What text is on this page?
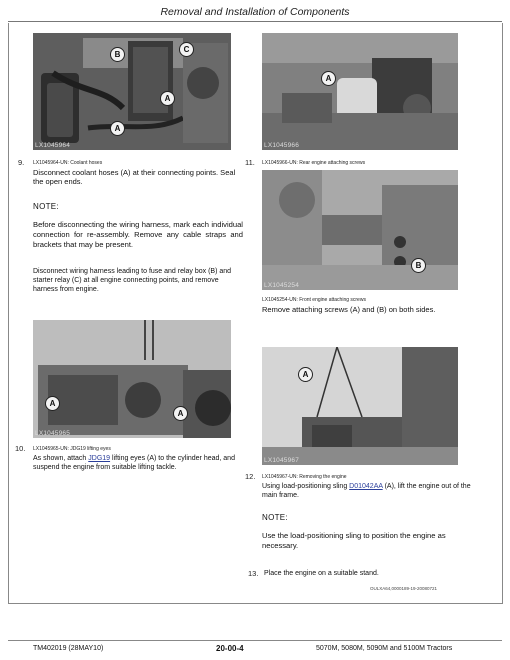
Removal and Installation of Components
B
C
A
A
LX1045964
A
LX1045966
9. LX1045964-UN: Coolant hoses
Disconnect coolant hoses (A) at their connecting points. Seal the open ends.
NOTE:
Before disconnecting the wiring harness, mark each individual connection for re-assembly. Remove any cable straps and brackets that may be present.
Disconnect wiring harness leading to fuse and relay box (B) and starter relay (C) at all engine connecting points, and remove harness from engine.
11. LX1045966-UN: Rear engine attaching screws
B
LX1045254
LX1045254-UN: Front engine attaching screws
Remove attaching screws (A) and (B) on both sides.
A
A
LX1045965
A
LX1045967
10. LX1045965-UN: JDG19 lifting eyes
As shown, attach JDG19 lifting eyes (A) to the cylinder head, and suspend the engine from suitable lifting tackle.
12. LX1045967-UN: Removing the engine
Using load-positioning sling D01042AA (A), lift the engine out of the main frame.
NOTE:
Use the load-positioning sling to position the engine as necessary.
13. Place the engine on a suitable stand.
OULXA64,0000189-19-20080721
TM402019 (28MAY10)	20-00-4	5070M, 5080M, 5090M and 5100M Tractors
